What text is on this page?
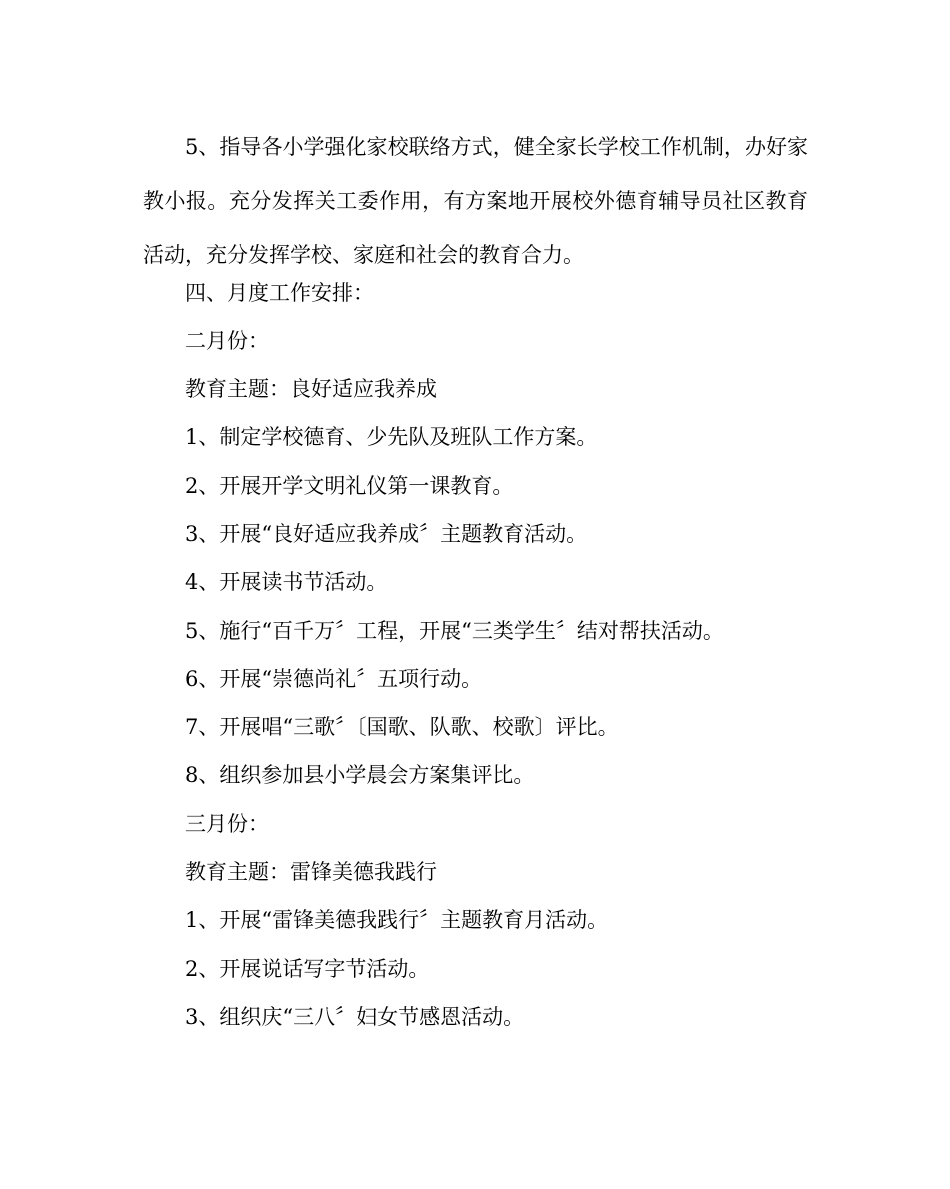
5、指导各小学强化家校联络方式，健全家长学校工作机制，办好家教小报。充分发挥关工委作用，有方案地开展校外德育辅导员社区教育活动，充分发挥学校、家庭和社会的教育合力。

四、月度工作安排：

二月份：

教育主题：良好适应我养成

1、制定学校德育、少先队及班队工作方案。

2、开展开学文明礼仪第一课教育。

3、开展“良好适应我养成〞主题教育活动。

4、开展读书节活动。

5、施行“百千万〞工程，开展“三类学生〞结对帮扶活动。

6、开展“崇德尚礼〞五项行动。

7、开展唱“三歌〞〔国歌、队歌、校歌〕评比。

8、组织参加县小学晨会方案集评比。

三月份：

教育主题：雷锋美德我践行

1、开展“雷锋美德我践行〞主题教育月活动。

2、开展说话写字节活动。

3、组织庆“三八〞妇女节感恩活动。
